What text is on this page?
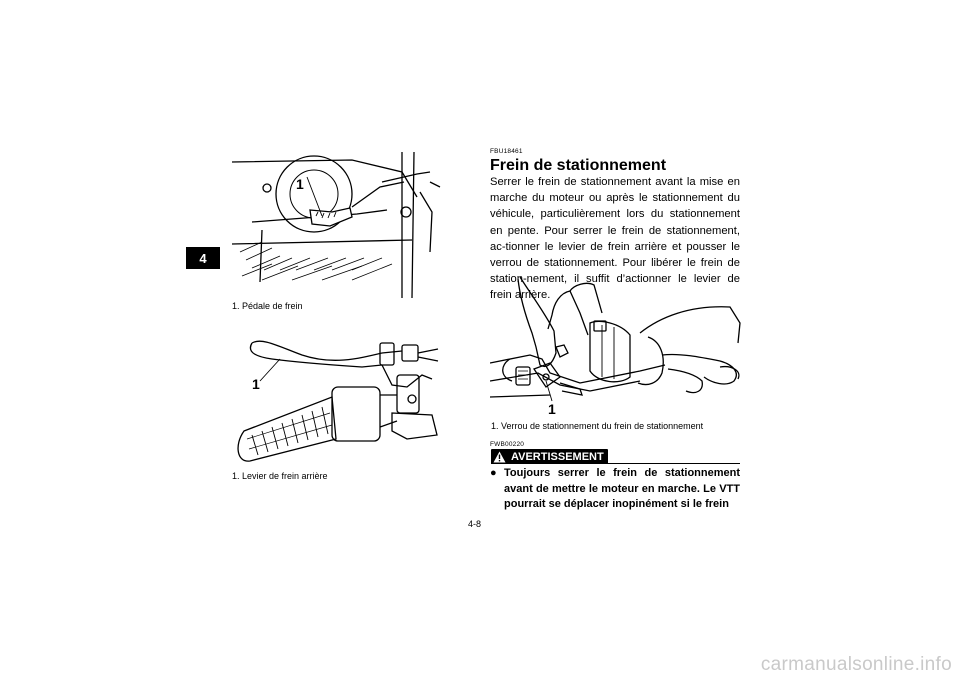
4
1
1. Pédale de frein
1
1. Levier de frein arrière
FBU18461
Frein de stationnement
Serrer le frein de stationnement avant la mise en marche du moteur ou après le stationnement du véhicule, particulièrement lors du stationnement en pente. Pour serrer le frein de stationnement, ac-tionner le levier de frein arrière et pousser le verrou de stationnement. Pour libérer le frein de station-nement, il suffit d’actionner le levier de frein arrière.
1
1. Verrou de stationnement du frein de stationnement
FWB00220
AVERTISSEMENT
● Toujours serrer le frein de stationnement avant de mettre le moteur en marche. Le VTT pourrait se déplacer inopinément si le frein
4-8
carmanualsonline.info
